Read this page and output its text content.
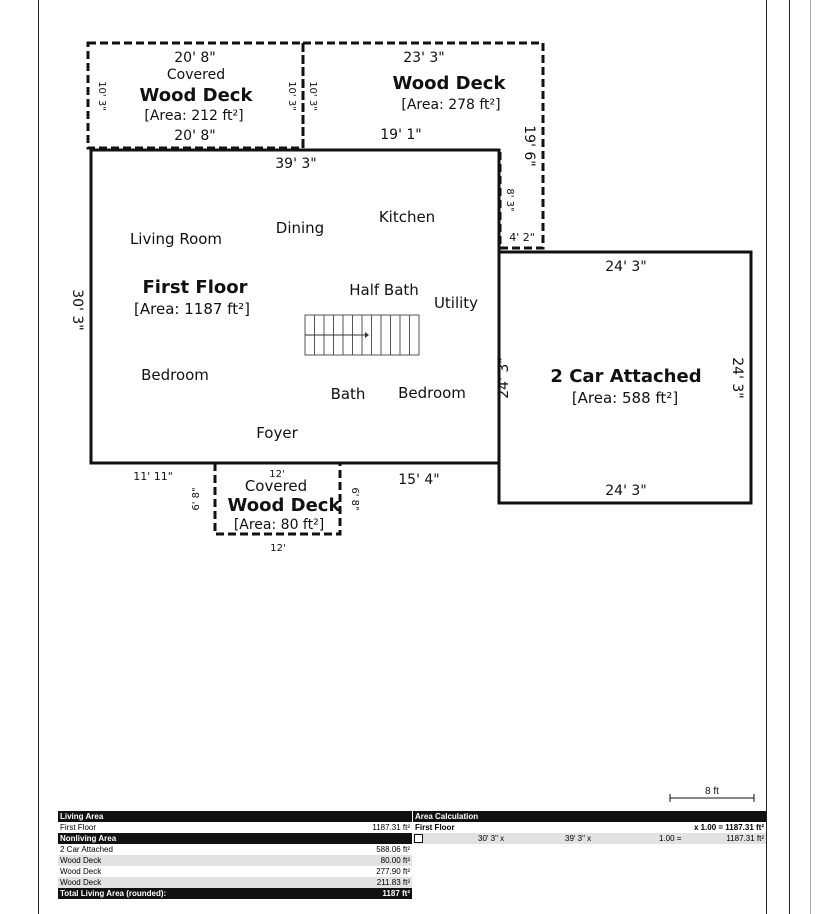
20' 8"
Covered
Wood Deck
[Area: 212 ft²]
20' 8"
10' 3"	10' 3"
23' 3"
Wood Deck
[Area: 278 ft²]
19' 1"
10' 3"
19' 6"
8' 3"
4' 2"
39' 3"
30' 3"
Living Room
Dining
Kitchen
First Floor
[Area: 1187 ft²]
Half Bath
Utility
Bedroom
Bath Bedroom
Foyer
11' 11"	15' 4"
24' 3"
2 Car Attached
[Area: 588 ft²]
24' 3"
24' 3"	24' 3"
12'
Covered
Wood Deck
[Area: 80 ft²]
12'
6' 8"	6' 8"
8 ft
Living Area
First Floor	1187.31 ft²
Nonliving Area
2 Car Attached	588.06 ft²
Wood Deck	80.00 ft²
Wood Deck	277.90 ft²
Wood Deck	211.83 ft²
Total Living Area (rounded):	1187 ft²
Area Calculation
First Floor	x 1.00 = 1187.31 ft²
30' 3" x	39' 3" x	1.00 =	1187.31 ft²
